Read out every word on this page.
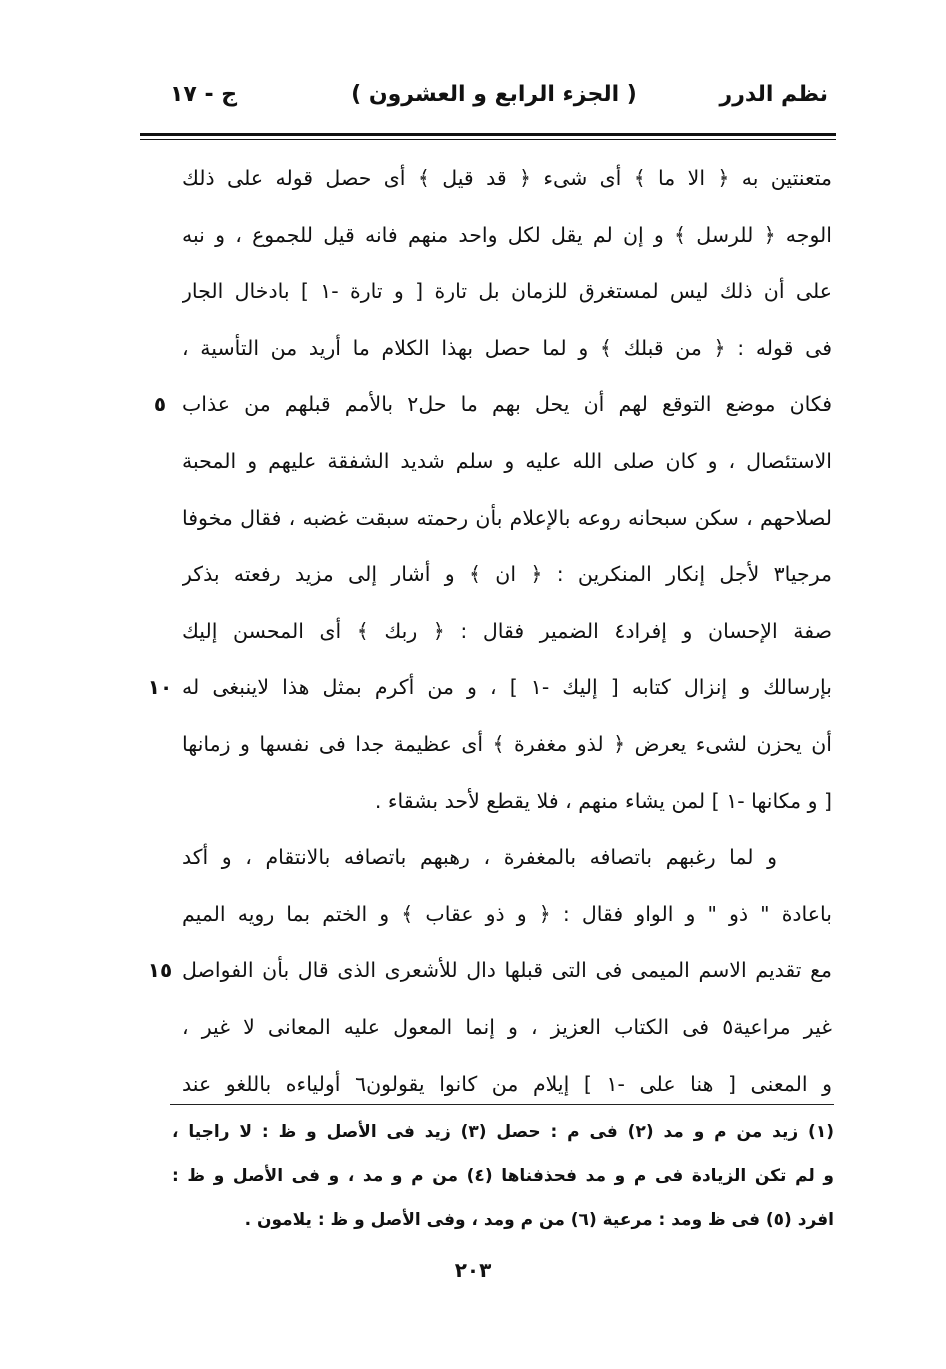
نظم الدرر
( الجزء الرابع و العشرون )
ج - ١٧
متعنتين به ﴿ الا ما ﴾ أى شىء ﴿ قد قيل ﴾ أى حصل قوله على ذلك
الوجه ﴿ للرسل ﴾ و إن لم يقل لكل واحد منهم فانه قيل للجموع ، و نبه
على أن ذلك ليس لمستغرق للزمان بل تارة [ و تارة -١ ] بادخال الجار
فى قوله : ﴿ من قبلك ﴾ و لما حصل بهذا الكلام ما أريد من التأسية ،
فكان موضع التوقع لهم أن يحل بهم ما حل٢ بالأمم قبلهم من عذاب
الاستئصال ، و كان صلى الله عليه و سلم شديد الشفقة عليهم و المحبة
لصلاحهم ، سكن سبحانه روعه بالإعلام بأن رحمته سبقت غضبه ، فقال مخوفا
مرجيا٣ لأجل إنكار المنكرين : ﴿ ان ﴾ و أشار إلى مزيد رفعته بذكر
صفة الإحسان و إفراد٤ الضمير فقال : ﴿ ربك ﴾ أى المحسن إليك
بإرسالك و إنزال كتابه [ إليك -١ ] ، و من أكرم بمثل هذا لاينبغى له
أن يحزن لشىء يعرض ﴿ لذو مغفرة ﴾ أى عظيمة جدا فى نفسها و زمانها
[ و مكانها -١ ] لمن يشاء منهم ، فلا يقطع لأحد بشقاء .
و لما رغبهم باتصافه بالمغفرة ، رهبهم باتصافه بالانتقام ، و أكد
باعادة " ذو " و الواو فقال : ﴿ و ذو عقاب ﴾ و الختم بما رويه الميم
مع تقديم الاسم الميمى فى التى قبلها دال للأشعرى الذى قال بأن الفواصل
غير مراعية٥ فى الكتاب العزيز ، و إنما المعول عليه المعانى لا غير ،
و المعنى [ هنا على -١ ] إيلام من كانوا يقولون٦ أولياءه باللغو عند
٥
١٠
١٥
(١) زيد من م و مد (٢) فى م : حصل (٣) زيد فى الأصل و ظ : لا راجيا ،
و لم تكن الزيادة فى م و مد فحذفناها (٤) من م و مد ، و فى الأصل و ظ :
افرد (٥) فى ظ ومد : مرعية (٦) من م ومد ، وفى الأصل و ظ : يلامون .
٢٠٣
